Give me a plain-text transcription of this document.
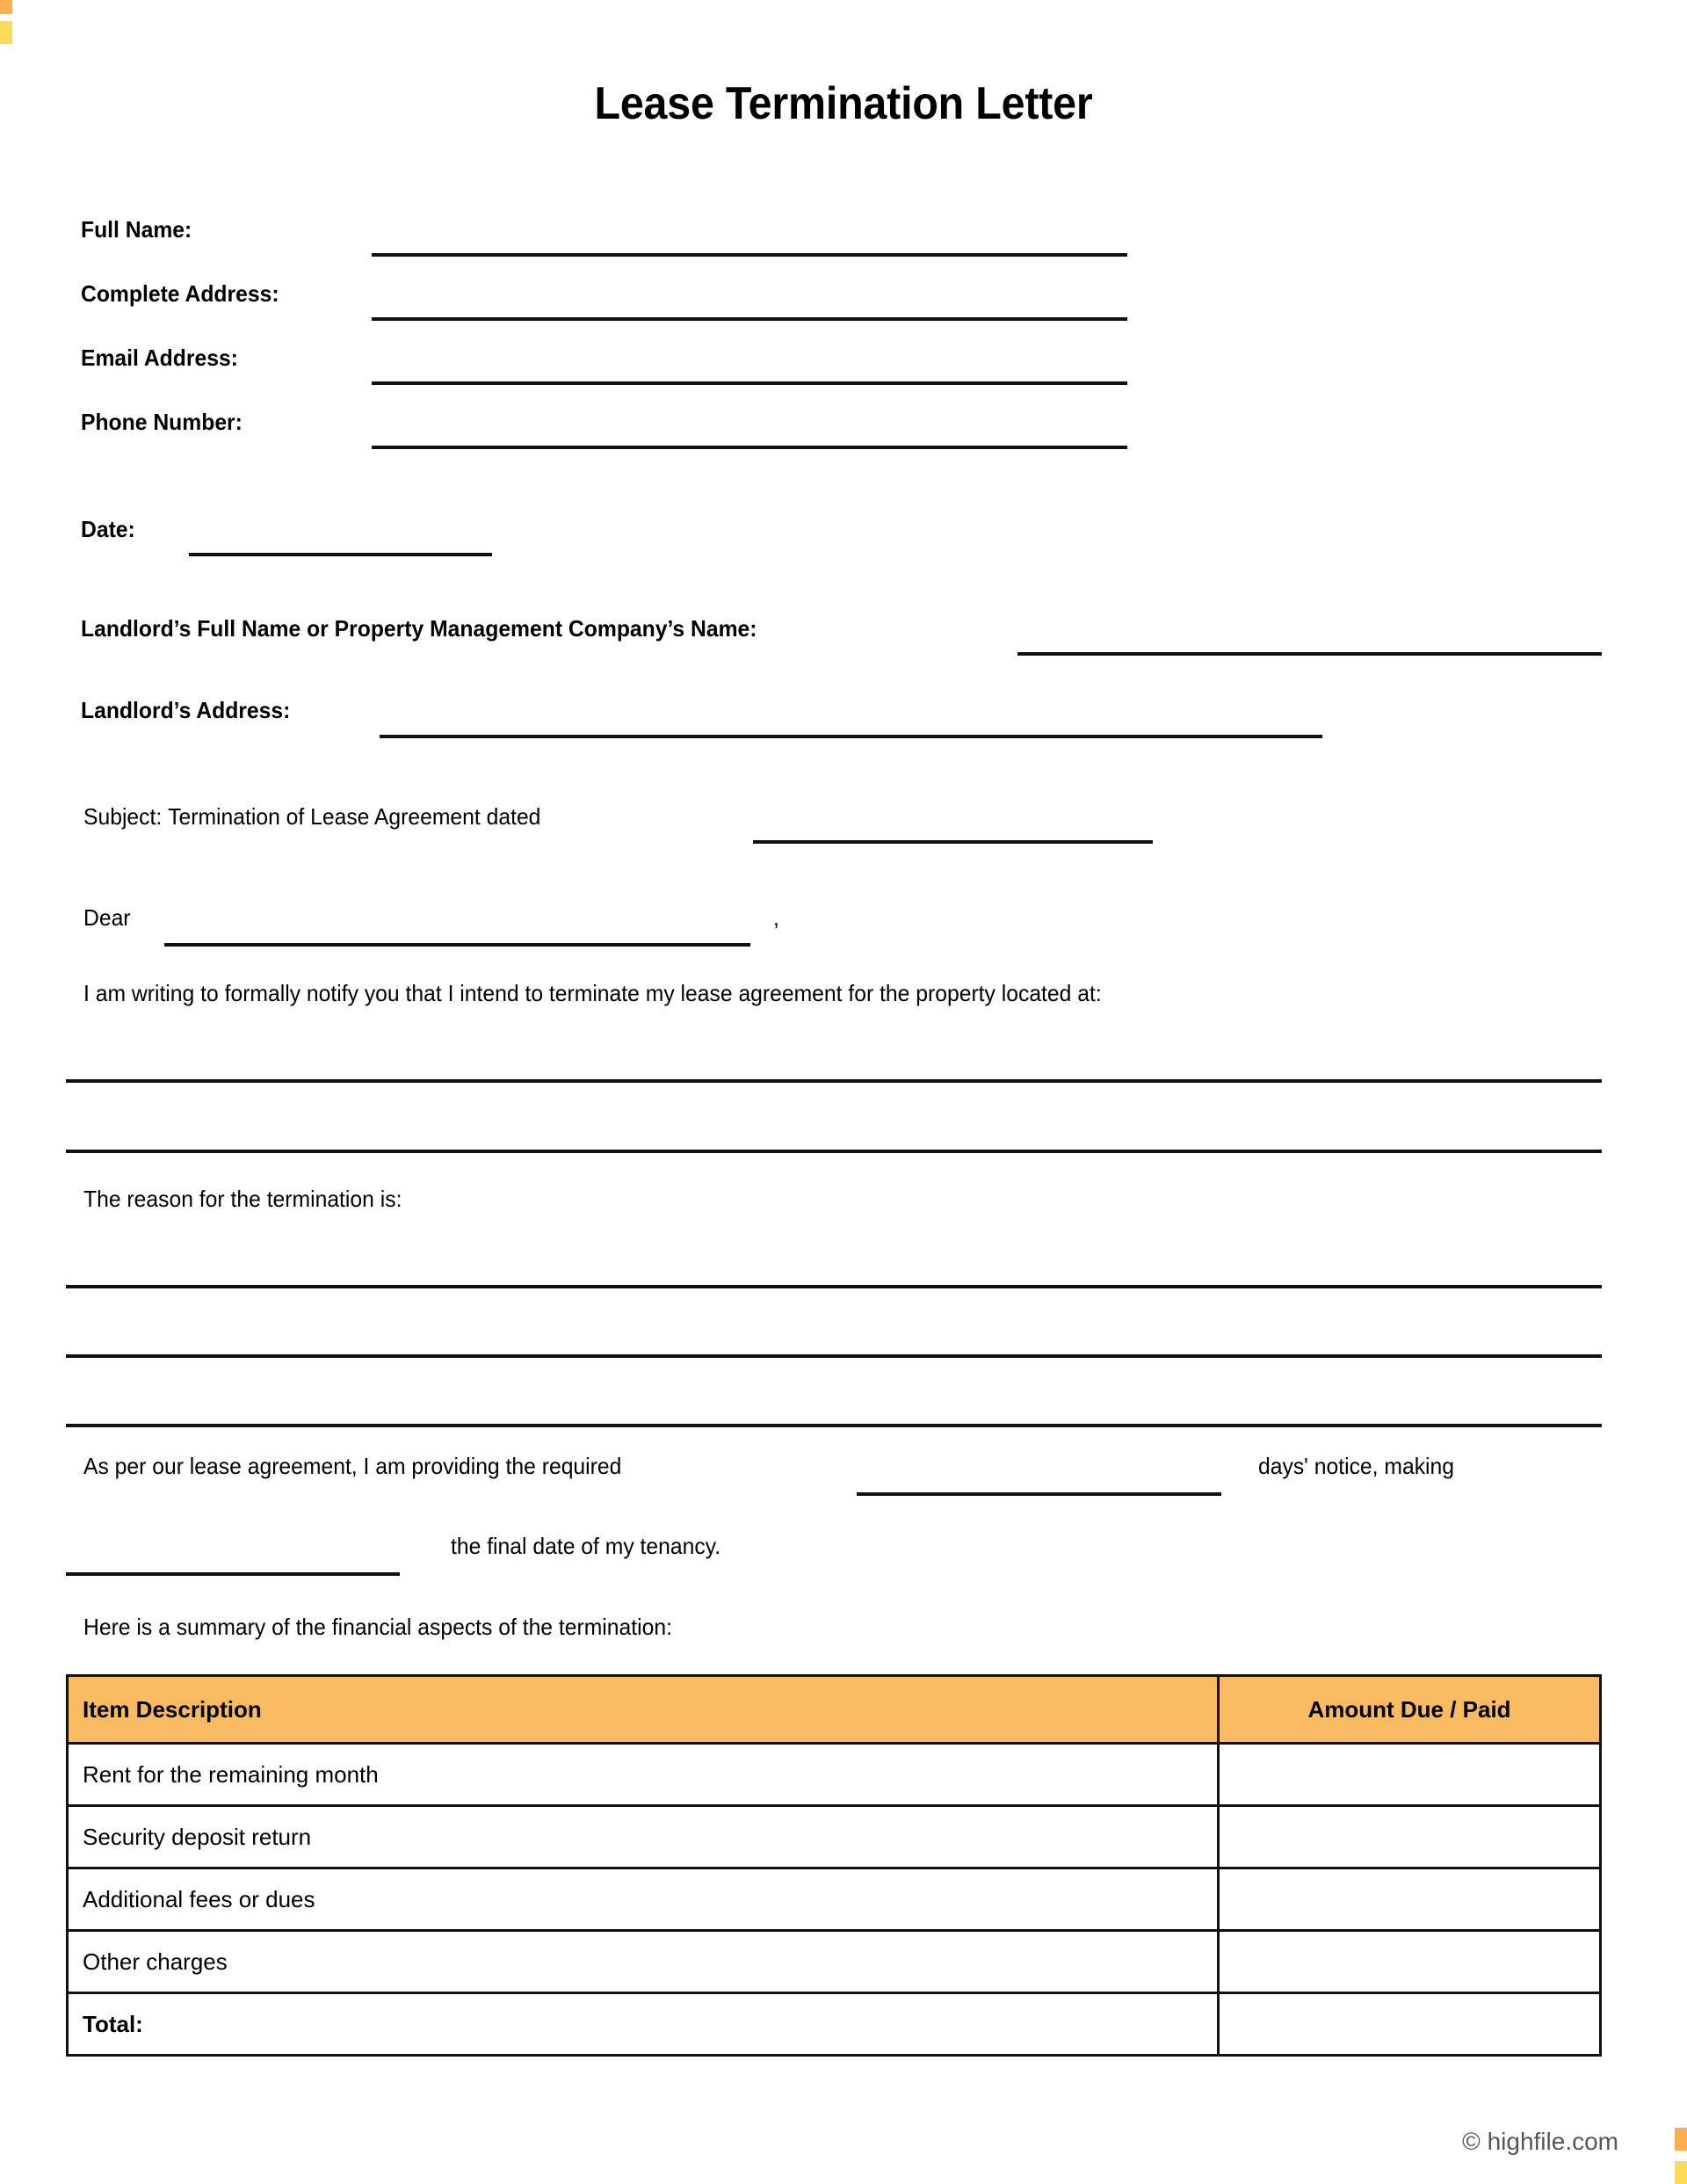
Lease Termination Letter
Full Name:
Complete Address:
Email Address:
Phone Number:
Date:
Landlord’s Full Name or Property Management Company’s Name:
Landlord’s Address:
Subject: Termination of Lease Agreement dated
Dear	,
I am writing to formally notify you that I intend to terminate my lease agreement for the property located at:
The reason for the termination is:
As per our lease agreement, I am providing the required	days' notice, making
the final date of my tenancy.
Here is a summary of the financial aspects of the termination:
Item Description	Amount Due / Paid
Rent for the remaining month	
Security deposit return	
Additional fees or dues	
Other charges	
Total:	
© highfile.com
